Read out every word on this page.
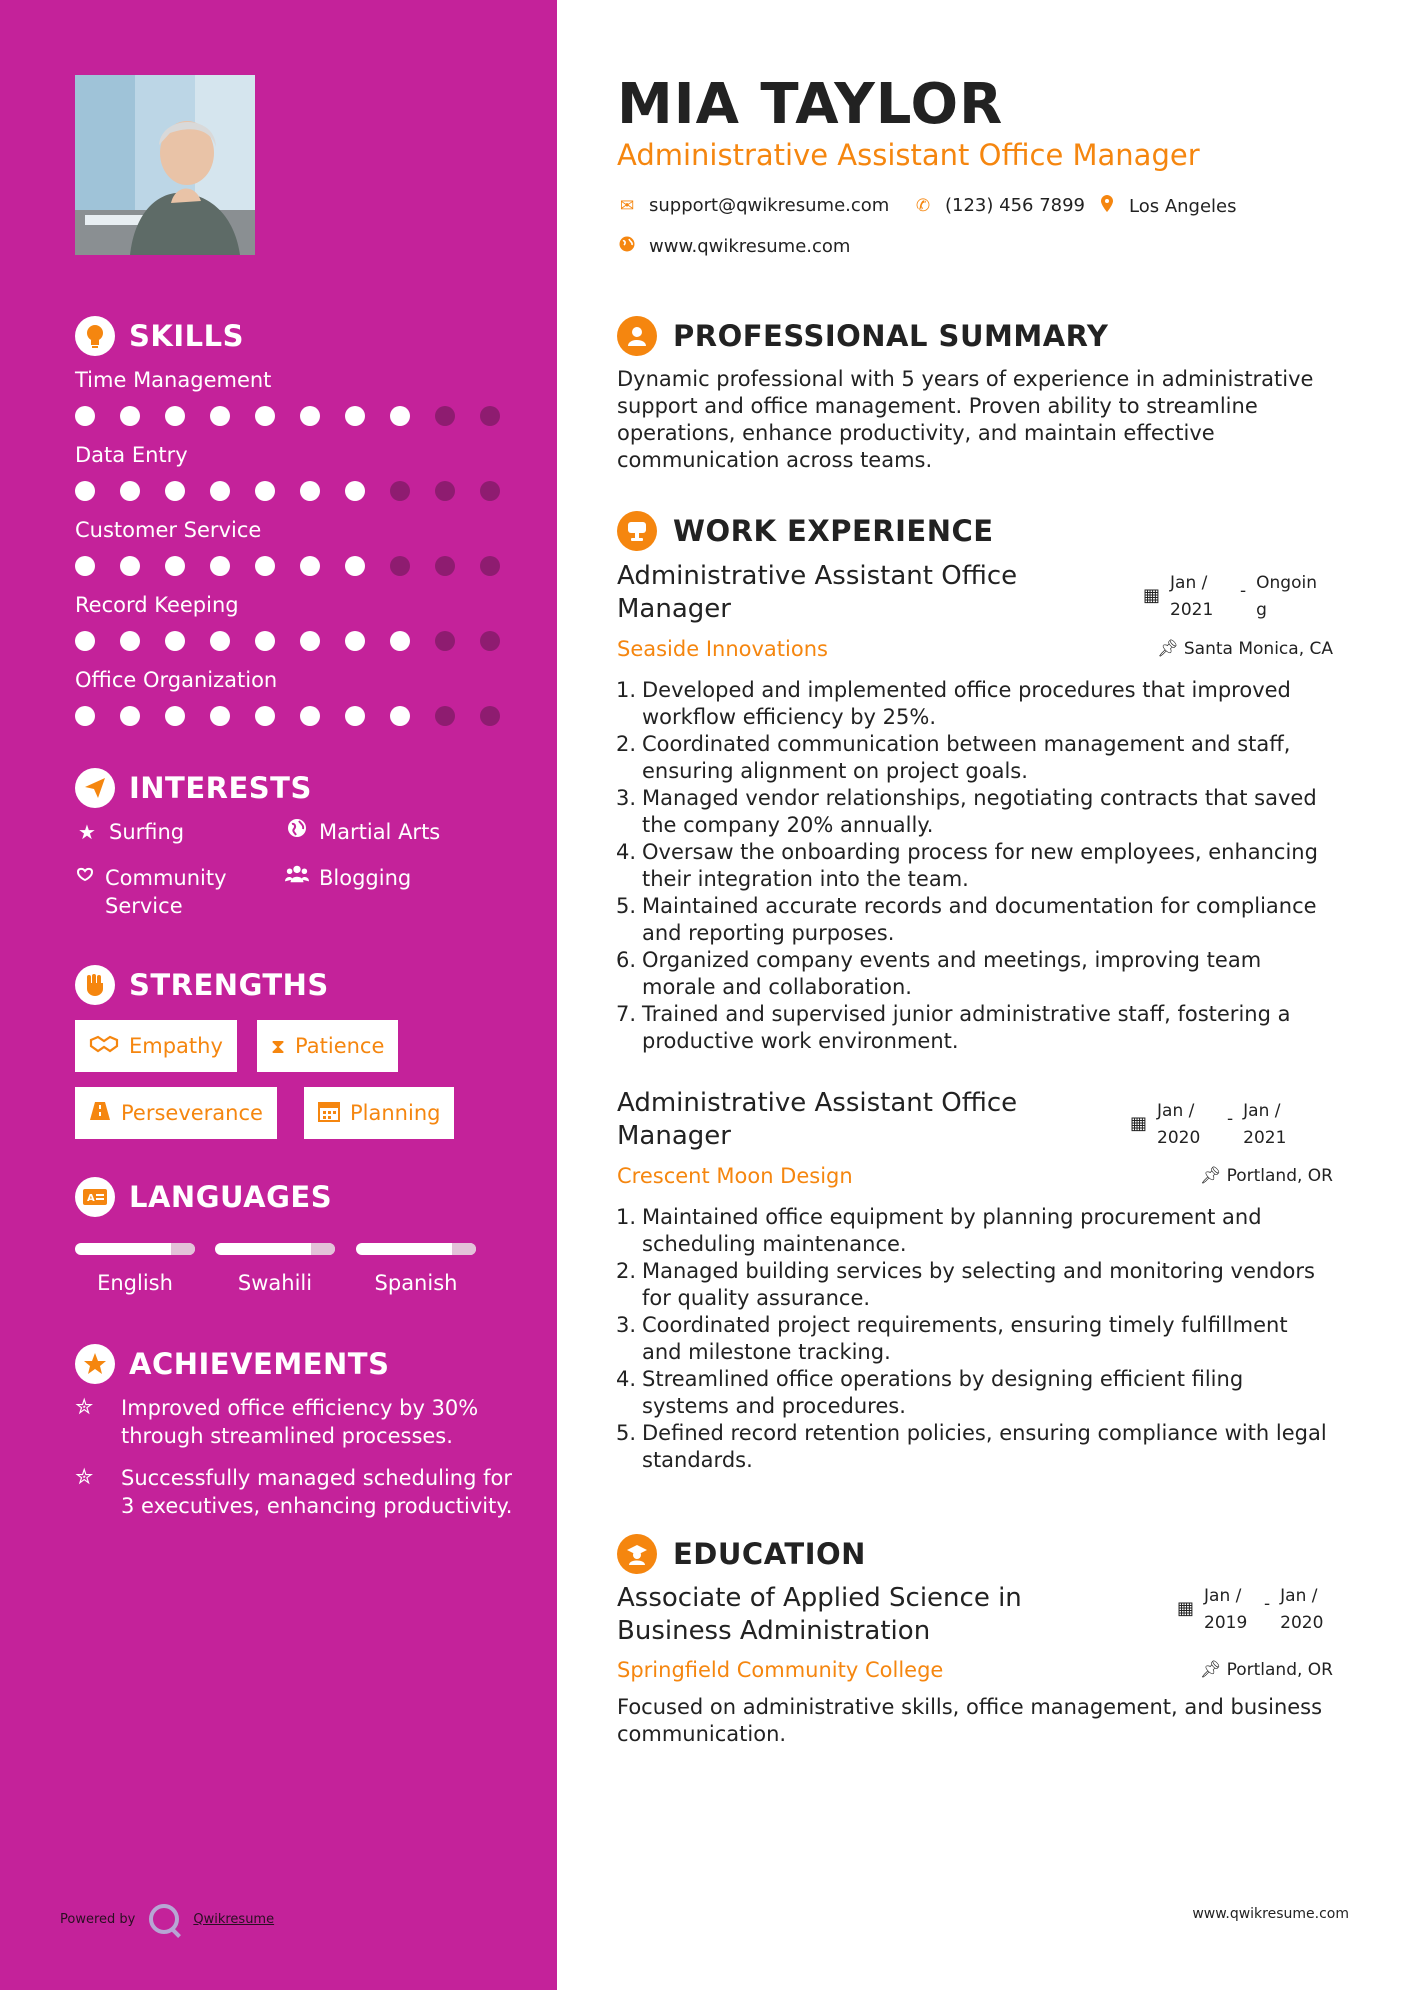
SKILLS
Time Management
Data Entry
Customer Service
Record Keeping
Office Organization
INTERESTS
★ Surfing	Martial Arts
Community Service
Blogging
STRENGTHS
Empathy ⧗ Patience
Perseverance	Planning
A LANGUAGES
English	Swahili	Spanish
ACHIEVEMENTS
✮	Improved office efficiency by 30% through streamlined processes.
✮	Successfully managed scheduling for 3 executives, enhancing productivity.
Powered by	Qwikresume
MIA TAYLOR
Administrative Assistant Office Manager
✉ support@qwikresume.com ✆ (123) 456 7899 Los Angeles
www.qwikresume.com
PROFESSIONAL SUMMARY
Dynamic professional with 5 years of experience in administrative support and office management. Proven ability to streamline operations, enhance productivity, and maintain effective communication across teams.
WORK EXPERIENCE
Administrative Assistant Office Manager	▦
Jan / 2021
- Ongoin g
Seaside Innovations	📌︎ Santa Monica, CA
1. Developed and implemented office procedures that improved workflow efficiency by 25%.
2. Coordinated communication between management and staff, ensuring alignment on project goals.
3. Managed vendor relationships, negotiating contracts that saved the company 20% annually.
4. Oversaw the onboarding process for new employees, enhancing their integration into the team.
5. Maintained accurate records and documentation for compliance and reporting purposes.
6. Organized company events and meetings, improving team morale and collaboration.
7. Trained and supervised junior administrative staff, fostering a productive work environment.
Administrative Assistant Office Manager	▦
Jan / 2020
- Jan / 2021
Crescent Moon Design	📌︎ Portland, OR
1. Maintained office equipment by planning procurement and scheduling maintenance.
2. Managed building services by selecting and monitoring vendors for quality assurance.
3. Coordinated project requirements, ensuring timely fulfillment and milestone tracking.
4. Streamlined office operations by designing efficient filing systems and procedures.
5. Defined record retention policies, ensuring compliance with legal standards.
EDUCATION
Associate of Applied Science in Business Administration
▦
Jan / 2019
- Jan / 2020
Springfield Community College	📌︎ Portland, OR
Focused on administrative skills, office management, and business communication.
www.qwikresume.com
